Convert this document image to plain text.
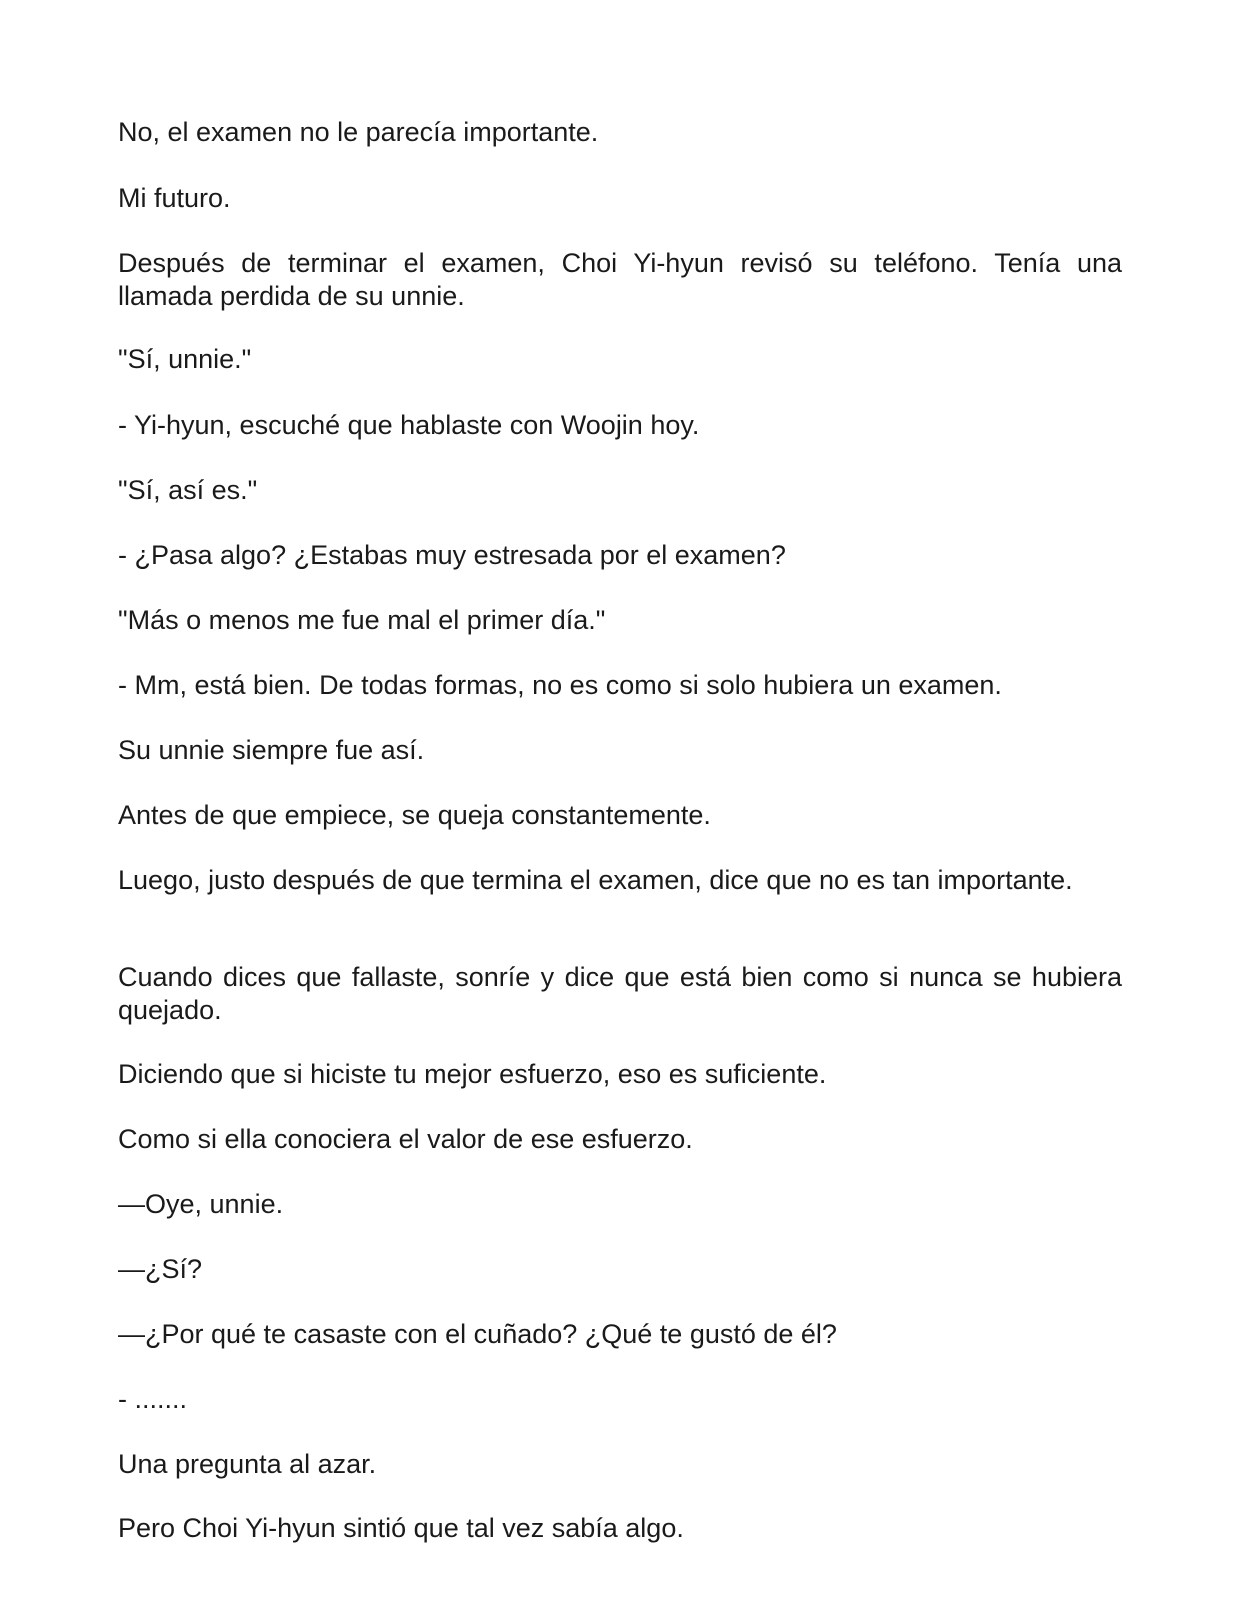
No, el examen no le parecía importante.

Mi futuro.

Después de terminar el examen, Choi Yi-hyun revisó su teléfono. Tenía una llamada perdida de su unnie.

"Sí, unnie."

- Yi-hyun, escuché que hablaste con Woojin hoy.

"Sí, así es."

- ¿Pasa algo? ¿Estabas muy estresada por el examen?

"Más o menos me fue mal el primer día."

- Mm, está bien. De todas formas, no es como si solo hubiera un examen.

Su unnie siempre fue así.

Antes de que empiece, se queja constantemente.

Luego, justo después de que termina el examen, dice que no es tan importante.

Cuando dices que fallaste, sonríe y dice que está bien como si nunca se hubiera quejado.

Diciendo que si hiciste tu mejor esfuerzo, eso es suficiente.

Como si ella conociera el valor de ese esfuerzo.

—Oye, unnie.

—¿Sí?

—¿Por qué te casaste con el cuñado? ¿Qué te gustó de él?

- .......

Una pregunta al azar.

Pero Choi Yi-hyun sintió que tal vez sabía algo.
